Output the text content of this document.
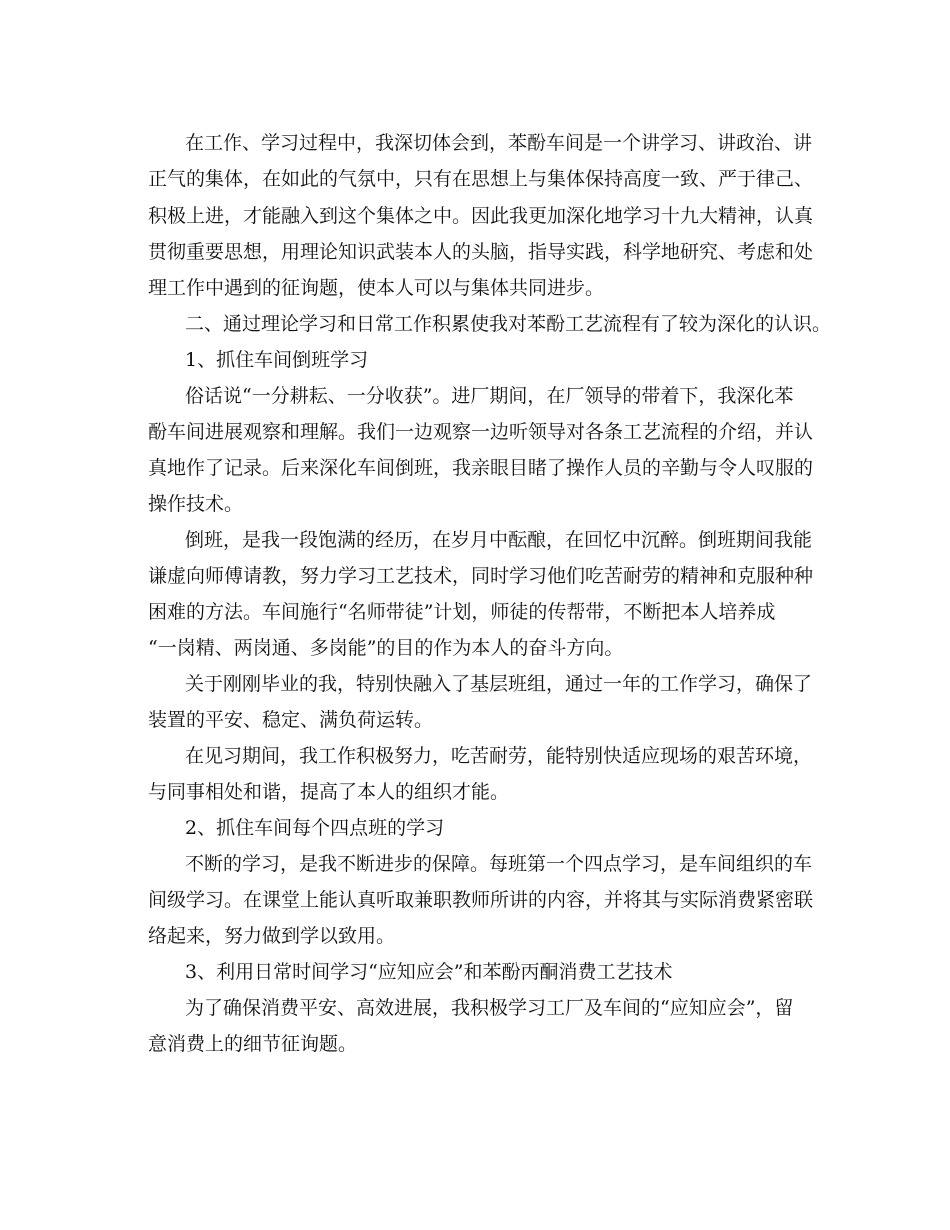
在工作、学习过程中，我深切体会到，苯酚车间是一个讲学习、讲政治、讲
正气的集体，在如此的气氛中，只有在思想上与集体保持高度一致、严于律己、
积极上进，才能融入到这个集体之中。因此我更加深化地学习十九大精神，认真
贯彻重要思想，用理论知识武装本人的头脑，指导实践，科学地研究、考虑和处
理工作中遇到的征询题，使本人可以与集体共同进步。
二、通过理论学习和日常工作积累使我对苯酚工艺流程有了较为深化的认识。
1、抓住车间倒班学习
俗话说“一分耕耘、一分收获”。进厂期间，在厂领导的带着下，我深化苯
酚车间进展观察和理解。我们一边观察一边听领导对各条工艺流程的介绍，并认
真地作了记录。后来深化车间倒班，我亲眼目睹了操作人员的辛勤与令人叹服的
操作技术。
倒班，是我一段饱满的经历，在岁月中酝酿，在回忆中沉醉。倒班期间我能
谦虚向师傅请教，努力学习工艺技术，同时学习他们吃苦耐劳的精神和克服种种
困难的方法。车间施行“名师带徒”计划，师徒的传帮带，不断把本人培养成
“一岗精、两岗通、多岗能”的目的作为本人的奋斗方向。
关于刚刚毕业的我，特别快融入了基层班组，通过一年的工作学习，确保了
装置的平安、稳定、满负荷运转。
在见习期间，我工作积极努力，吃苦耐劳，能特别快适应现场的艰苦环境，
与同事相处和谐，提高了本人的组织才能。
2、抓住车间每个四点班的学习
不断的学习，是我不断进步的保障。每班第一个四点学习，是车间组织的车
间级学习。在课堂上能认真听取兼职教师所讲的内容，并将其与实际消费紧密联
络起来，努力做到学以致用。
3、利用日常时间学习“应知应会”和苯酚丙酮消费工艺技术
为了确保消费平安、高效进展，我积极学习工厂及车间的“应知应会”，留
意消费上的细节征询题。
